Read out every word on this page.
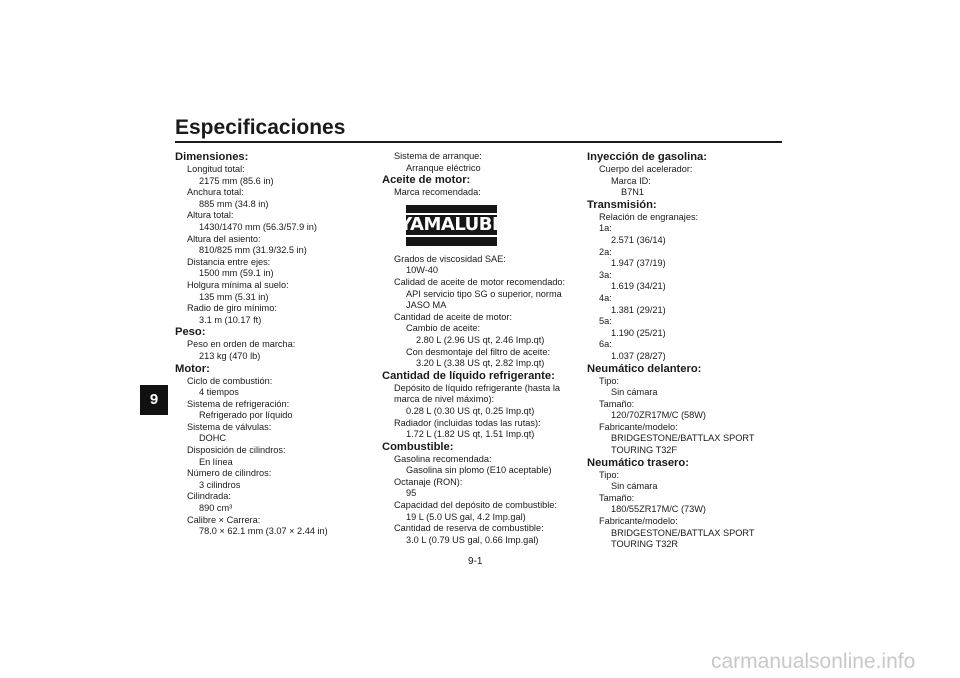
Especificaciones
9
Dimensiones:
Longitud total:
2175 mm (85.6 in)
Anchura total:
885 mm (34.8 in)
Altura total:
1430/1470 mm (56.3/57.9 in)
Altura del asiento:
810/825 mm (31.9/32.5 in)
Distancia entre ejes:
1500 mm (59.1 in)
Holgura mínima al suelo:
135 mm (5.31 in)
Radio de giro mínimo:
3.1 m (10.17 ft)
Peso:
Peso en orden de marcha:
213 kg (470 lb)
Motor:
Ciclo de combustión:
4 tiempos
Sistema de refrigeración:
Refrigerado por líquido
Sistema de válvulas:
DOHC
Disposición de cilindros:
En línea
Número de cilindros:
3 cilindros
Cilindrada:
890 cm³
Calibre × Carrera:
78.0 × 62.1 mm (3.07 × 2.44 in)
Sistema de arranque:
Arranque eléctrico
Aceite de motor:
Marca recomendada:
YAMALUBE
Grados de viscosidad SAE:
10W-40
Calidad de aceite de motor recomendado:
API servicio tipo SG o superior, norma
JASO MA
Cantidad de aceite de motor:
Cambio de aceite:
2.80 L (2.96 US qt, 2.46 Imp.qt)
Con desmontaje del filtro de aceite:
3.20 L (3.38 US qt, 2.82 Imp.qt)
Cantidad de líquido refrigerante:
Depósito de líquido refrigerante (hasta la
marca de nivel máximo):
0.28 L (0.30 US qt, 0.25 Imp.qt)
Radiador (incluidas todas las rutas):
1.72 L (1.82 US qt, 1.51 Imp.qt)
Combustible:
Gasolina recomendada:
Gasolina sin plomo (E10 aceptable)
Octanaje (RON):
95
Capacidad del depósito de combustible:
19 L (5.0 US gal, 4.2 Imp.gal)
Cantidad de reserva de combustible:
3.0 L (0.79 US gal, 0.66 Imp.gal)
Inyección de gasolina:
Cuerpo del acelerador:
Marca ID:
B7N1
Transmisión:
Relación de engranajes:
1a:
2.571 (36/14)
2a:
1.947 (37/19)
3a:
1.619 (34/21)
4a:
1.381 (29/21)
5a:
1.190 (25/21)
6a:
1.037 (28/27)
Neumático delantero:
Tipo:
Sin cámara
Tamaño:
120/70ZR17M/C (58W)
Fabricante/modelo:
BRIDGESTONE/BATTLAX SPORT
TOURING T32F
Neumático trasero:
Tipo:
Sin cámara
Tamaño:
180/55ZR17M/C (73W)
Fabricante/modelo:
BRIDGESTONE/BATTLAX SPORT
TOURING T32R
9-1
carmanualsonline.info
